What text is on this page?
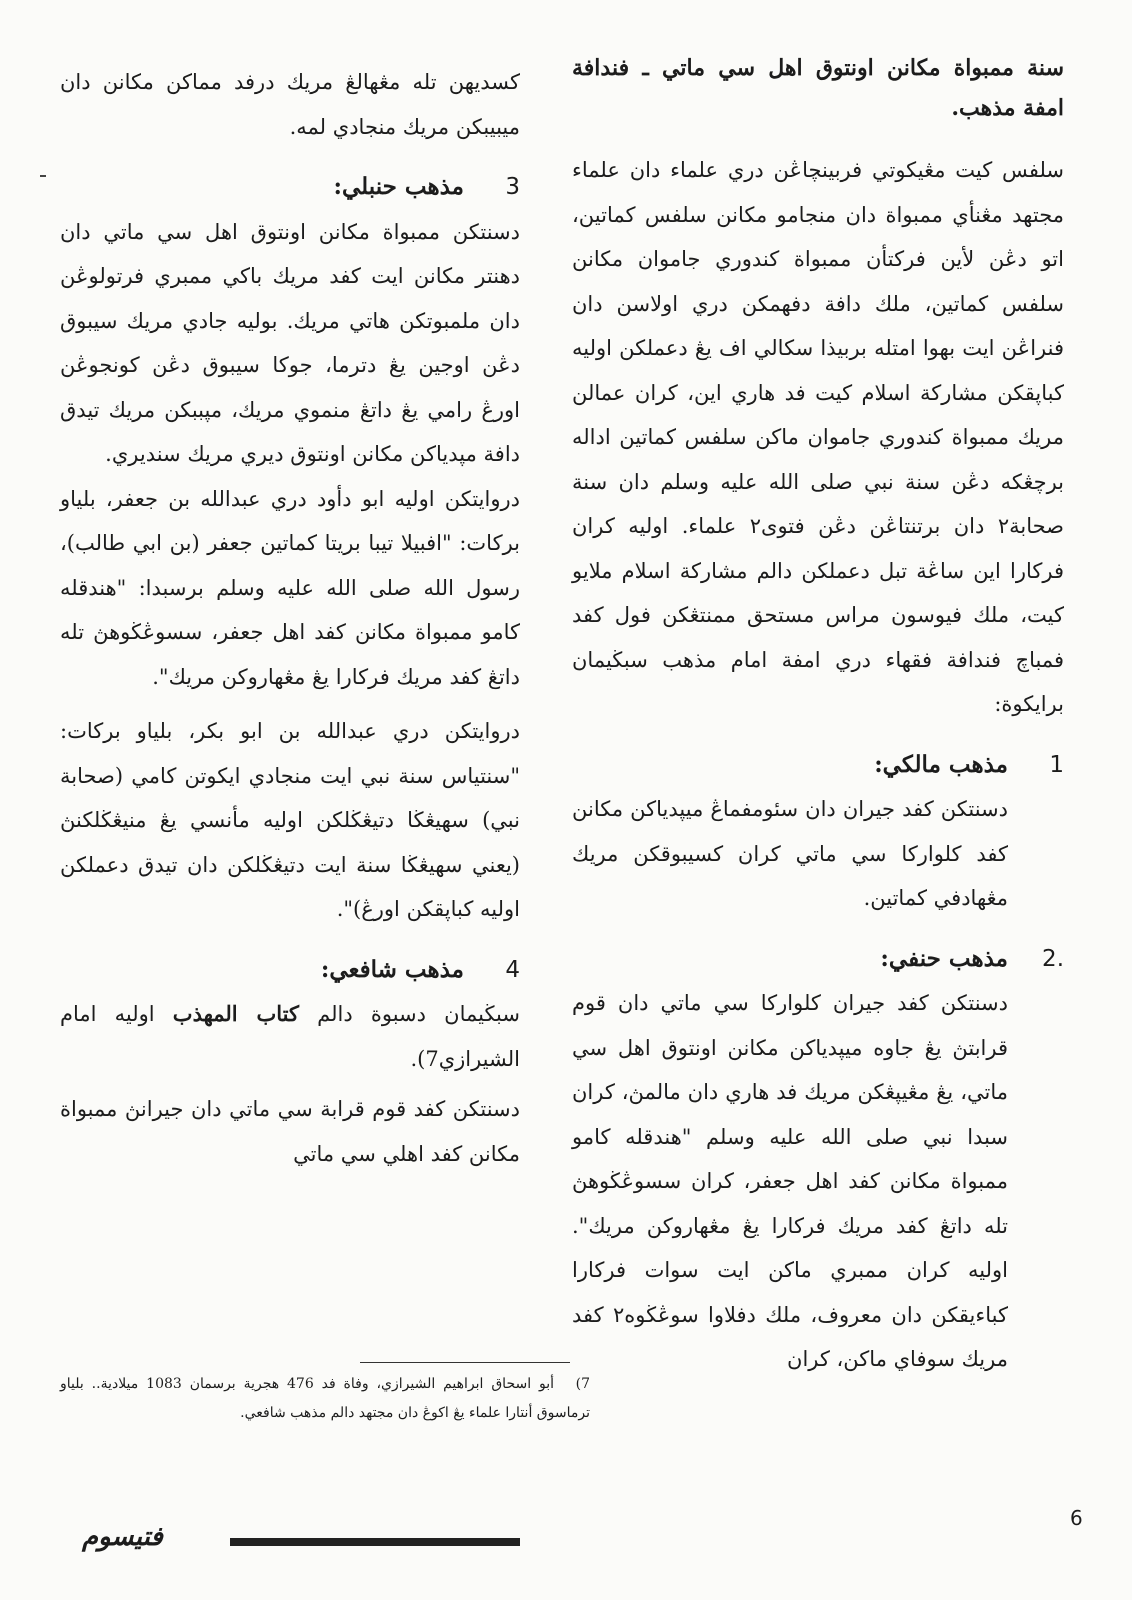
سنة ممبواة مكانن اونتوق اهل سي ماتي ـ فندافة امفة مذهب.

سلفس كيت مڠيكوتي فربينچاڠن دري علماء دان علماء مجتهد مڠنأي ممبواة دان منجامو مكانن سلفس كماتين، اتو دڠن لأين فركتأن ممبواة كندوري جاموان مكانن سلفس كماتين، ملك دافة دفهمكن دري اولاسن دان فنراڠن ايت بهوا امتله بربيذا سكالي اف يڠ دعملكن اوليه كباڽقكن مشاركة اسلام كيت فد هاري اين، كران عمالن مريك ممبواة كندوري جاموان ماكن سلفس كماتين اداله برچڠكه دڠن سنة نبي صلى الله عليه وسلم دان سنة صحابة٢ دان برتنتاڠن دڠن فتوى٢ علماء. اوليه كران فركارا اين ساڠة تبل دعملكن دالم مشاركة اسلام ملايو كيت، ملك فيوسون مراس مستحق ممنتڠكن فول كفد فمباچ فندافة فقهاء دري امفة امام مذهب سبڬيمان برايكوة:

1
مذهب مالكي:

دسنتكن كفد جيران دان سئومفماڠ ميڽدياكن مكانن كفد كلواركا سي ماتي كران كسيبوقكن مريك مڠهادفي كماتين.

.2
مذهب حنفي:

دسنتكن كفد جيران كلواركا سي ماتي دان قوم قرابتڽ يڠ جاوه ميڽدياكن مكانن اونتوق اهل سي ماتي، يڠ مڠيڽڠكن مريك فد هاري دان مالمڽ، كران سبدا نبي صلى الله عليه وسلم "هندقله كامو ممبواة مكانن كفد اهل جعفر، كران سسوڠڬوهڽ تله داتڠ كفد مريك فركارا يڠ مڠهاروكن مريك". اوليه كران ممبري ماكن ايت سوات فركارا كباءيقكن دان معروف، ملك دفلاوا سوڠڬوه٢ كفد مريك سوفاي ماكن، كران

كسديهن تله مڠهالڠ مريك درفد مماكن مكانن دان ميبيبكن مريك منجادي لمه.

3
مذهب حنبلي:

دسنتكن ممبواة مكانن اونتوق اهل سي ماتي دان دهنتر مكانن ايت كفد مريك باكي ممبري فرتولوڠن دان ملمبوتكن هاتي مريك. بوليه جادي مريك سيبوق دڠن اوجين يڠ دترما، جوكا سيبوق دڠن كونجوڠن اورڠ رامي يڠ داتڠ منموي مريك، مڽببكن مريك تيدق دافة مڽدياكن مكانن اونتوق ديري مريك سنديري.

دروايتكن اوليه ابو دأود دري عبدالله بن جعفر، بلياو بركات: "افبيلا تيبا بريتا كماتين جعفر (بن ابي طالب)، رسول الله صلى الله عليه وسلم برسبدا: "هندقله كامو ممبواة مكانن كفد اهل جعفر، سسوڠڬوهڽ تله داتڠ كفد مريك فركارا يڠ مڠهاروكن مريك".

دروايتكن دري عبدالله بن ابو بكر، بلياو بركات: "سنتياس سنة نبي ايت منجادي ايكوتن كامي (صحابة نبي) سهيڠڬا دتيڠڬلكن اوليه مأنسي يڠ منيڠڬلكنڽ (يعني سهيڠڬا سنة ايت دتيڠڬلكن دان تيدق دعملكن اوليه كباڽقكن اورڠ)".

4
مذهب شافعي:

سبڬيمان دسبوة دالم كتاب المهذب اوليه امام الشيرازي7).

دسنتكن كفد قوم قرابة سي ماتي دان جيرانڽ ممبواة مكانن كفد اهلي سي ماتي

7)أبو اسحاق ابراهيم الشيرازي، وفاة فد 476 هجرية برسمان 1083 ميلادية.. بلياو ترماسوق أنتارا علماء يڠ اكوڠ دان مجتهد دالم مذهب شافعي.
6
فتيسوم
